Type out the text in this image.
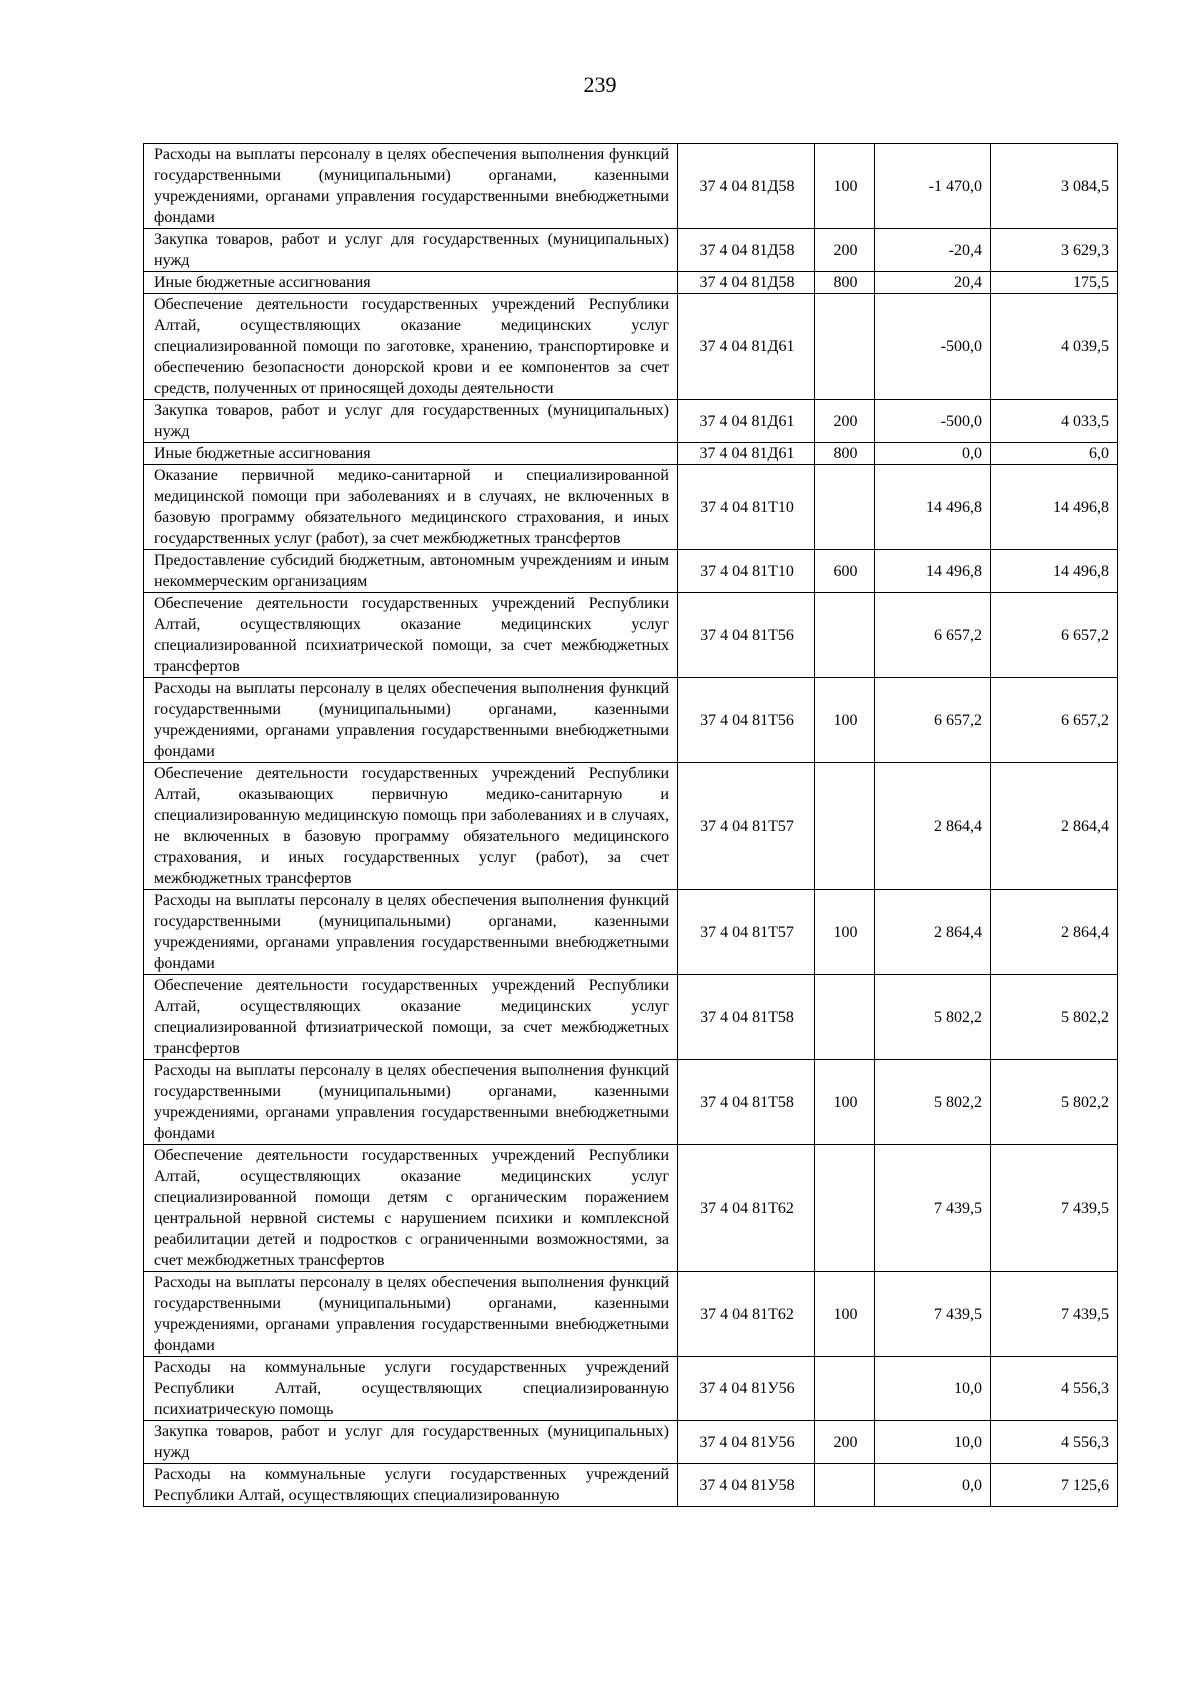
239
Расходы на выплаты персоналу в целях обеспечения выполнения функций государственными (муниципальными) органами, казенными учреждениями, органами управления государственными внебюджетными фондами	37 4 04 81Д58	100	-1 470,0	3 084,5
Закупка товаров, работ и услуг для государственных (муниципальных) нужд	37 4 04 81Д58	200	-20,4	3 629,3
Иные бюджетные ассигнования	37 4 04 81Д58	800	20,4	175,5
Обеспечение деятельности государственных учреждений Республики Алтай, осуществляющих оказание медицинских услуг специализированной помощи по заготовке, хранению, транспортировке и обеспечению безопасности донорской крови и ее компонентов за счет средств, полученных от приносящей доходы деятельности	37 4 04 81Д61		-500,0	4 039,5
Закупка товаров, работ и услуг для государственных (муниципальных) нужд	37 4 04 81Д61	200	-500,0	4 033,5
Иные бюджетные ассигнования	37 4 04 81Д61	800	0,0	6,0
Оказание первичной медико-санитарной и специализированной медицинской помощи при заболеваниях и в случаях, не включенных в базовую программу обязательного медицинского страхования, и иных государственных услуг (работ), за счет межбюджетных трансфертов	37 4 04 81Т10		14 496,8	14 496,8
Предоставление субсидий бюджетным, автономным учреждениям и иным некоммерческим организациям	37 4 04 81Т10	600	14 496,8	14 496,8
Обеспечение деятельности государственных учреждений Республики Алтай, осуществляющих оказание медицинских услуг специализированной психиатрической помощи, за счет межбюджетных трансфертов	37 4 04 81Т56		6 657,2	6 657,2
Расходы на выплаты персоналу в целях обеспечения выполнения функций государственными (муниципальными) органами, казенными учреждениями, органами управления государственными внебюджетными фондами	37 4 04 81Т56	100	6 657,2	6 657,2
Обеспечение деятельности государственных учреждений Республики Алтай, оказывающих первичную медико-санитарную и специализированную медицинскую помощь при заболеваниях и в случаях, не включенных в базовую программу обязательного медицинского страхования, и иных государственных услуг (работ), за счет межбюджетных трансфертов	37 4 04 81Т57		2 864,4	2 864,4
Расходы на выплаты персоналу в целях обеспечения выполнения функций государственными (муниципальными) органами, казенными учреждениями, органами управления государственными внебюджетными фондами	37 4 04 81Т57	100	2 864,4	2 864,4
Обеспечение деятельности государственных учреждений Республики Алтай, осуществляющих оказание медицинских услуг специализированной фтизиатрической помощи, за счет межбюджетных трансфертов	37 4 04 81Т58		5 802,2	5 802,2
Расходы на выплаты персоналу в целях обеспечения выполнения функций государственными (муниципальными) органами, казенными учреждениями, органами управления государственными внебюджетными фондами	37 4 04 81Т58	100	5 802,2	5 802,2
Обеспечение деятельности государственных учреждений Республики Алтай, осуществляющих оказание медицинских услуг специализированной помощи детям с органическим поражением центральной нервной системы с нарушением психики и комплексной реабилитации детей и подростков с ограниченными возможностями, за счет межбюджетных трансфертов	37 4 04 81Т62		7 439,5	7 439,5
Расходы на выплаты персоналу в целях обеспечения выполнения функций государственными (муниципальными) органами, казенными учреждениями, органами управления государственными внебюджетными фондами	37 4 04 81Т62	100	7 439,5	7 439,5
Расходы на коммунальные услуги государственных учреждений Республики Алтай, осуществляющих специализированную психиатрическую помощь	37 4 04 81У56		10,0	4 556,3
Закупка товаров, работ и услуг для государственных (муниципальных) нужд	37 4 04 81У56	200	10,0	4 556,3
Расходы на коммунальные услуги государственных учреждений Республики Алтай, осуществляющих специализированную	37 4 04 81У58		0,0	7 125,6
